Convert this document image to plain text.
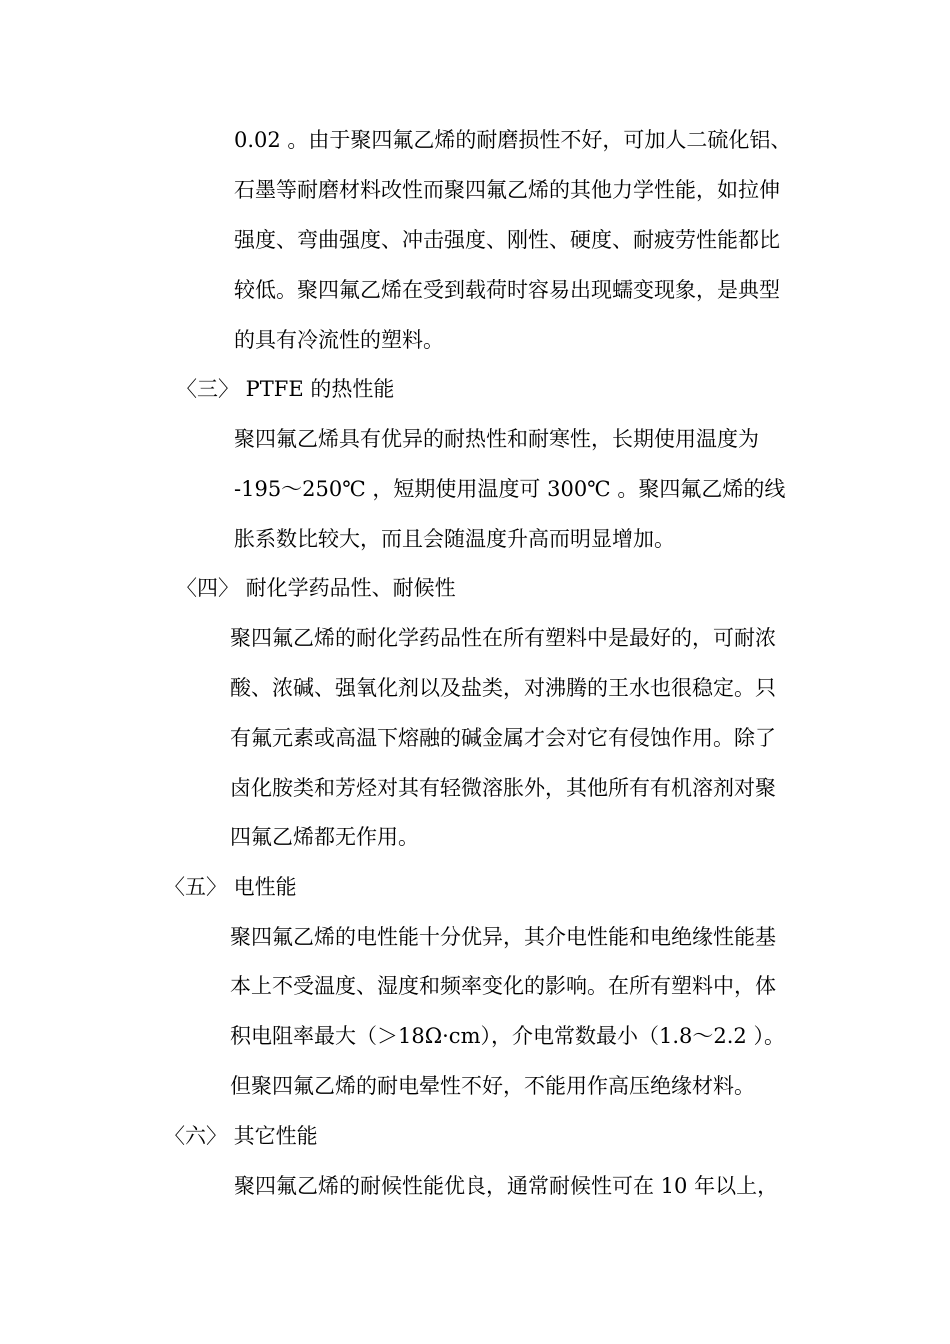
0.02 。由于聚四氟乙烯的耐磨损性不好，可加人二硫化铝、

石墨等耐磨材料改性而聚四氟乙烯的其他力学性能，如拉伸

强度、弯曲强度、冲击强度、刚性、硬度、耐疲劳性能都比

较低。聚四氟乙烯在受到载荷时容易出现蠕变现象，是典型

的具有冷流性的塑料。

〈三〉 PTFE 的热性能

聚四氟乙烯具有优异的耐热性和耐寒性，长期使用温度为

-195～250℃ ，短期使用温度可 300℃ 。聚四氟乙烯的线

胀系数比较大，而且会随温度升高而明显增加。

〈四〉 耐化学药品性、耐候性

聚四氟乙烯的耐化学药品性在所有塑料中是最好的，可耐浓

酸、浓碱、强氧化剂以及盐类，对沸腾的王水也很稳定。只

有氟元素或高温下熔融的碱金属才会对它有侵蚀作用。除了

卤化胺类和芳烃对其有轻微溶胀外，其他所有有机溶剂对聚

四氟乙烯都无作用。

〈五〉 电性能

聚四氟乙烯的电性能十分优异，其介电性能和电绝缘性能基

本上不受温度、湿度和频率变化的影响。在所有塑料中，体

积电阻率最大（＞18Ω·cm），介电常数最小（1.8～2.2 ）。

但聚四氟乙烯的耐电晕性不好，不能用作高压绝缘材料。

〈六〉 其它性能

聚四氟乙烯的耐候性能优良，通常耐候性可在 10 年以上，
